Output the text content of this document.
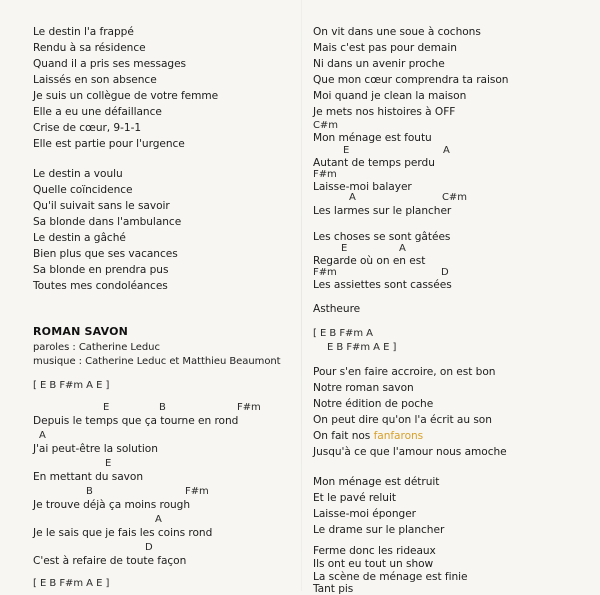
Le destin l'a frappé
Rendu à sa résidence
Quand il a pris ses messages
Laissés en son absence
Je suis un collègue de votre femme
Elle a eu une défaillance
Crise de cœur, 9-1-1
Elle est partie pour l'urgence
Le destin a voulu
Quelle coïncidence
Qu'il suivait sans le savoir
Sa blonde dans l'ambulance
Le destin a gâché
Bien plus que ses vacances
Sa blonde en prendra pus
Toutes mes condoléances
ROMAN SAVON
paroles : Catherine Leduc
musique : Catherine Leduc et Matthieu Beaumont
[ E B F#m A E ]
E	B	F#m
Depuis le temps que ça tourne en rond
A
J'ai peut-être la solution
E
En mettant du savon
B	F#m
Je trouve déjà ça moins rough
A
Je le sais que je fais les coins rond
D
C'est à refaire de toute façon
[ E B F#m A E ]
On vit dans une soue à cochons
Mais c'est pas pour demain
Ni dans un avenir proche
Que mon cœur comprendra ta raison
Moi quand je clean la maison
Je mets nos histoires à OFF
C#m
Mon ménage est foutu
E	A
Autant de temps perdu
F#m
Laisse-moi balayer
A	C#m
Les larmes sur le plancher
Les choses se sont gâtées
E	A
Regarde où on en est
F#m	D
Les assiettes sont cassées
Astheure
[ E B F#m A
E B F#m A E ]
Pour s'en faire accroire, on est bon
Notre roman savon
Notre édition de poche
On peut dire qu'on l'a écrit au son
On fait nos fanfarons
Jusqu'à ce que l'amour nous amoche
Mon ménage est détruit
Et le pavé reluit
Laisse-moi éponger
Le drame sur le plancher
Ferme donc les rideaux
Ils ont eu tout un show
La scène de ménage est finie
Tant pis
